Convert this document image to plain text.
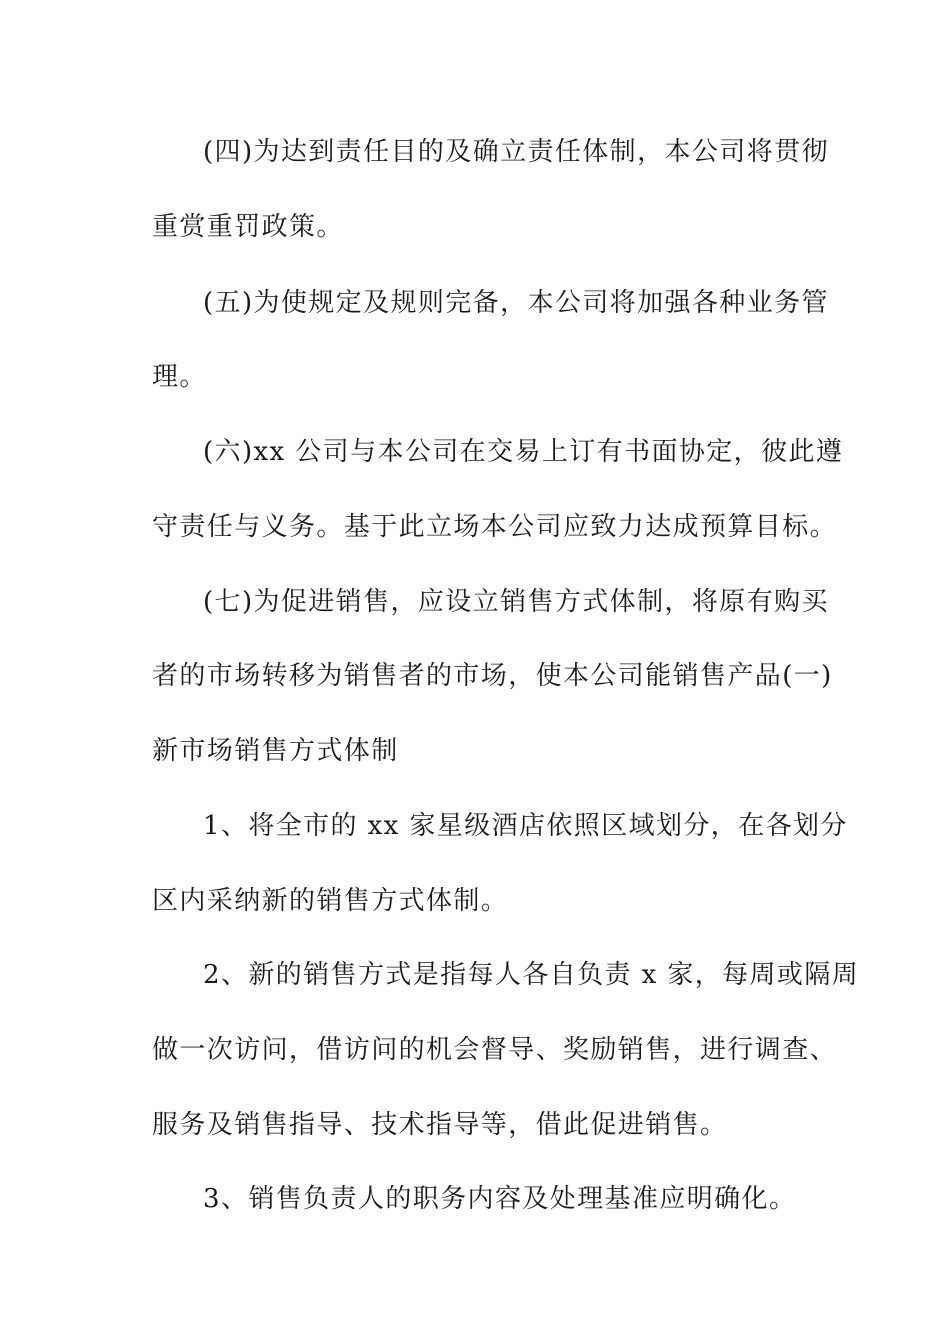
(四)为达到责任目的及确立责任体制，本公司将贯彻
重赏重罚政策。
(五)为使规定及规则完备，本公司将加强各种业务管
理。
(六)xx 公司与本公司在交易上订有书面协定，彼此遵
守责任与义务。基于此立场本公司应致力达成预算目标。
(七)为促进销售，应设立销售方式体制，将原有购买
者的市场转移为销售者的市场，使本公司能销售产品(一)
新市场销售方式体制
1、将全市的 xx 家星级酒店依照区域划分，在各划分
区内采纳新的销售方式体制。
2、新的销售方式是指每人各自负责 x 家，每周或隔周
做一次访问，借访问的机会督导、奖励销售，进行调查、
服务及销售指导、技术指导等，借此促进销售。
3、销售负责人的职务内容及处理基准应明确化。
